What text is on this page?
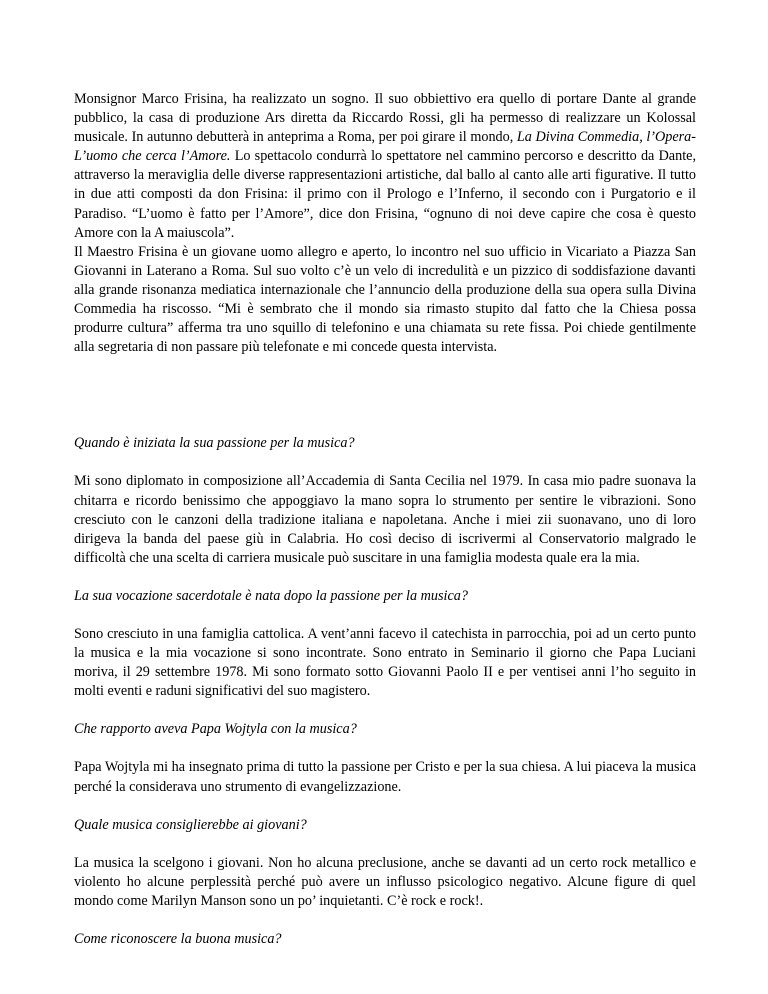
Monsignor Marco Frisina, ha realizzato un sogno. Il suo obbiettivo era quello di portare Dante al grande pubblico, la casa di produzione Ars diretta da Riccardo Rossi, gli ha permesso di realizzare un Kolossal musicale. In autunno debutterà in anteprima a Roma, per poi girare il mondo, La Divina Commedia, l’Opera- L’uomo che cerca l’Amore. Lo spettacolo condurrà lo spettatore nel cammino percorso e descritto da Dante, attraverso la meraviglia delle diverse rappresentazioni artistiche, dal ballo al canto alle arti figurative. Il tutto in due atti composti da don Frisina: il primo con il Prologo e l’Inferno, il secondo con i Purgatorio e il Paradiso. “L’uomo è fatto per l’Amore”, dice don Frisina, “ognuno di noi deve capire che cosa è questo Amore con la A maiuscola”.

Il Maestro Frisina è un giovane uomo allegro e aperto, lo incontro nel suo ufficio in Vicariato a Piazza San Giovanni in Laterano a Roma. Sul suo volto c’è un velo di incredulità e un pizzico di soddisfazione davanti alla grande risonanza mediatica internazionale che l’annuncio della produzione della sua opera sulla Divina Commedia ha riscosso. “Mi è sembrato che il mondo sia rimasto stupito dal fatto che la Chiesa possa produrre cultura” afferma tra uno squillo di telefonino e una chiamata su rete fissa. Poi chiede gentilmente alla segretaria di non passare più telefonate e mi concede questa intervista.

Quando è iniziata la sua passione per la musica?

Mi sono diplomato in composizione all’Accademia di Santa Cecilia nel 1979. In casa mio padre suonava la chitarra e ricordo benissimo che appoggiavo la mano sopra lo strumento per sentire le vibrazioni. Sono cresciuto con le canzoni della tradizione italiana e napoletana. Anche i miei zii suonavano, uno di loro dirigeva la banda del paese giù in Calabria. Ho così deciso di iscrivermi al Conservatorio malgrado le difficoltà che una scelta di carriera musicale può suscitare in una famiglia modesta quale era la mia.

La sua vocazione sacerdotale è nata dopo la passione per la musica?

Sono cresciuto in una famiglia cattolica. A vent’anni facevo il catechista in parrocchia, poi ad un certo punto la musica e la mia vocazione si sono incontrate. Sono entrato in Seminario il giorno che Papa Luciani moriva, il 29 settembre 1978. Mi sono formato sotto Giovanni Paolo II e per ventisei anni l’ho seguito in molti eventi e raduni significativi del suo magistero.

Che rapporto aveva Papa Wojtyla con la musica?

Papa Wojtyla mi ha insegnato prima di tutto la passione per Cristo e per la sua chiesa. A lui piaceva la musica perché la considerava uno strumento di evangelizzazione.

Quale musica consiglierebbe ai giovani?

La musica la scelgono i giovani. Non ho alcuna preclusione, anche se davanti ad un certo rock metallico e violento ho alcune perplessità perché può avere un influsso psicologico negativo. Alcune figure di quel mondo come Marilyn Manson sono un po’ inquietanti. C’è rock e rock!.

Come riconoscere la buona musica?
